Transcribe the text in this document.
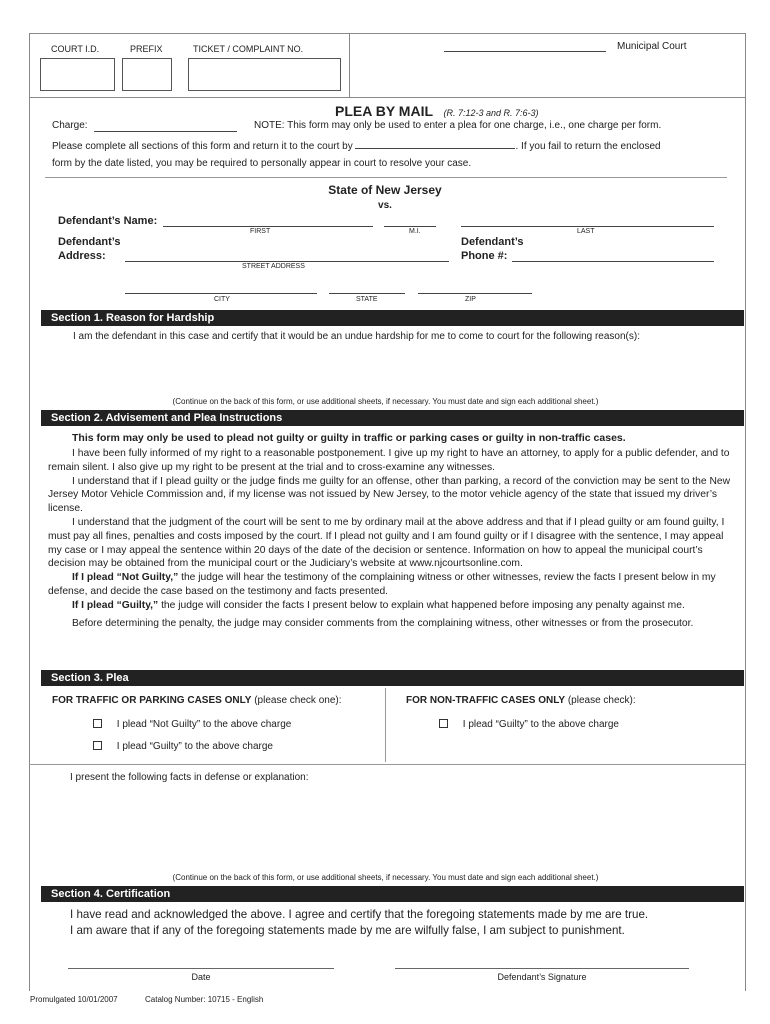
COURT I.D.	PREFIX	TICKET / COMPLAINT NO.	Municipal Court
PLEA BY MAIL (R. 7:12-3 and R. 7:6-3)
Charge:	NOTE: This form may only be used to enter a plea for one charge, i.e., one charge per form.
Please complete all sections of this form and return it to the court by	. If you fail to return the enclosed
form by the date listed, you may be required to personally appear in court to resolve your case.
State of New Jersey
vs.
Defendant’s Name:
FIRST	M.I.	LAST
Defendant’s
Address:
STREET ADDRESS
Defendant’s
Phone #:
CITY	STATE	ZIP
Section 1. Reason for Hardship
I am the defendant in this case and certify that it would be an undue hardship for me to come to court for the following reason(s):
(Continue on the back of this form, or use additional sheets, if necessary. You must date and sign each additional sheet.)
Section 2. Advisement and Plea Instructions
This form may only be used to plead not guilty or guilty in traffic or parking cases or guilty in non-traffic cases.

I have been fully informed of my right to a reasonable postponement. I give up my right to have an attorney, to apply for a public defender, and to remain silent. I also give up my right to be present at the trial and to cross-examine any witnesses.

I understand that if I plead guilty or the judge finds me guilty for an offense, other than parking, a record of the conviction may be sent to the New Jersey Motor Vehicle Commission and, if my license was not issued by New Jersey, to the motor vehicle agency of the state that issued my driver’s license.

I understand that the judgment of the court will be sent to me by ordinary mail at the above address and that if I plead guilty or am found guilty, I must pay all fines, penalties and costs imposed by the court. If I plead not guilty and I am found guilty or if I disagree with the sentence, I may appeal my case or I may appeal the sentence within 20 days of the date of the decision or sentence. Information on how to appeal the municipal court’s decision may be obtained from the municipal court or the Judiciary’s website at www.njcourtsonline.com.

If I plead “Not Guilty,” the judge will hear the testimony of the complaining witness or other witnesses, review the facts I present below in my defense, and decide the case based on the testimony and facts presented.

If I plead “Guilty,” the judge will consider the facts I present below to explain what happened before imposing any penalty against me.

Before determining the penalty, the judge may consider comments from the complaining witness, other witnesses or from the prosecutor.

Section 3. Plea
FOR TRAFFIC OR PARKING CASES ONLY (please check one):	FOR NON-TRAFFIC CASES ONLY (please check):
I plead “Not Guilty” to the above charge
I plead “Guilty” to the above charge
I plead “Guilty” to the above charge
I present the following facts in defense or explanation:
(Continue on the back of this form, or use additional sheets, if necessary. You must date and sign each additional sheet.)
Section 4. Certification
I have read and acknowledged the above. I agree and certify that the foregoing statements made by me are true.
I am aware that if any of the foregoing statements made by me are wilfully false, I am subject to punishment.
Date	Defendant’s Signature
Promulgated 10/01/2007	Catalog Number: 10715 - English
